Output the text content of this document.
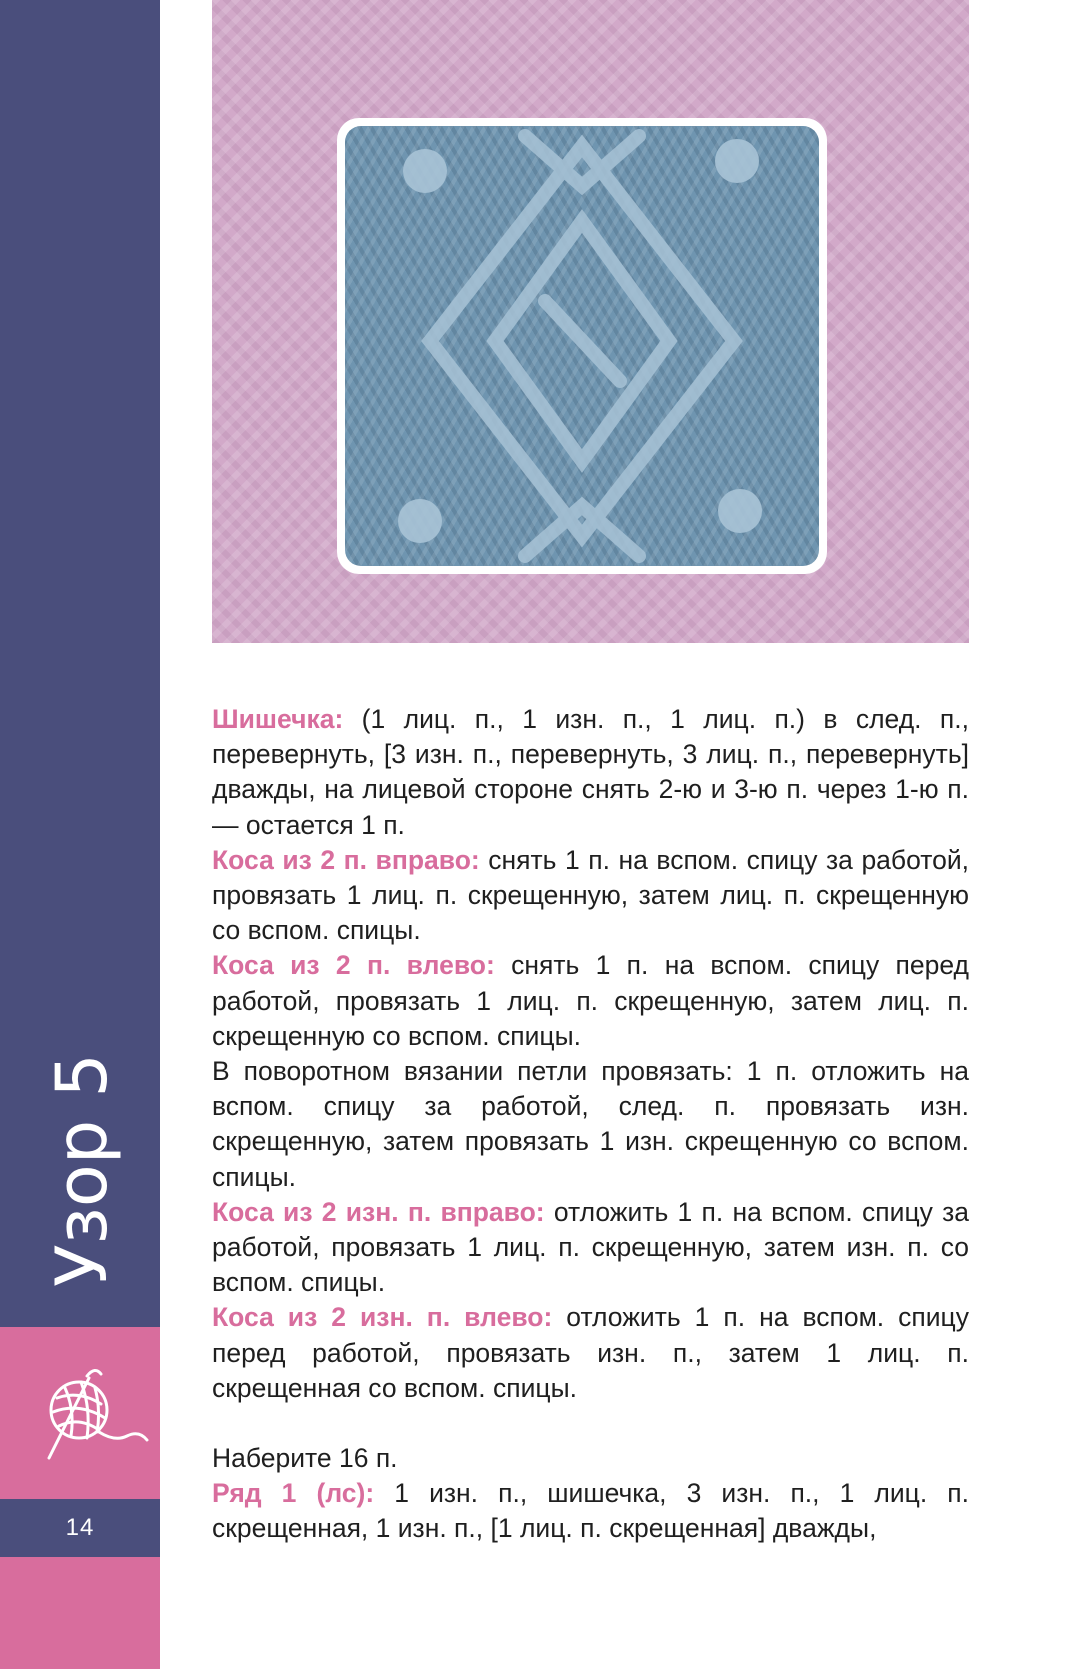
Узор 5
14

Шишечка: (1 лиц. п., 1 изн. п., 1 лиц. п.) в след. п., перевернуть, [3 изн. п., перевернуть, 3 лиц. п., перевернуть] дважды, на лицевой стороне снять 2-ю и 3-ю п. через 1-ю п. — остается 1 п.

Коса из 2 п. вправо: снять 1 п. на вспом. спицу за работой, провязать 1 лиц. п. скрещенную, затем лиц. п. скрещенную со вспом. спицы.

Коса из 2 п. влево: снять 1 п. на вспом. спицу перед работой, провязать 1 лиц. п. скрещенную, затем лиц. п. скрещенную со вспом. спицы.

В поворотном вязании петли провязать: 1 п. отложить на вспом. спицу за работой, след. п. провязать изн. скрещенную, затем провязать 1 изн. скрещенную со вспом. спицы.

Коса из 2 изн. п. вправо: отложить 1 п. на вспом. спицу за работой, провязать 1 лиц. п. скрещенную, затем изн. п. со вспом. спицы.

Коса из 2 изн. п. влево: отложить 1 п. на вспом. спицу перед работой, провязать изн. п., затем 1 лиц. п. скрещенная со вспом. спицы.

Наберите 16 п.

Ряд 1 (лс): 1 изн. п., шишечка, 3 изн. п., 1 лиц. п. скрещенная, 1 изн. п., [1 лиц. п. скрещенная] дважды,
